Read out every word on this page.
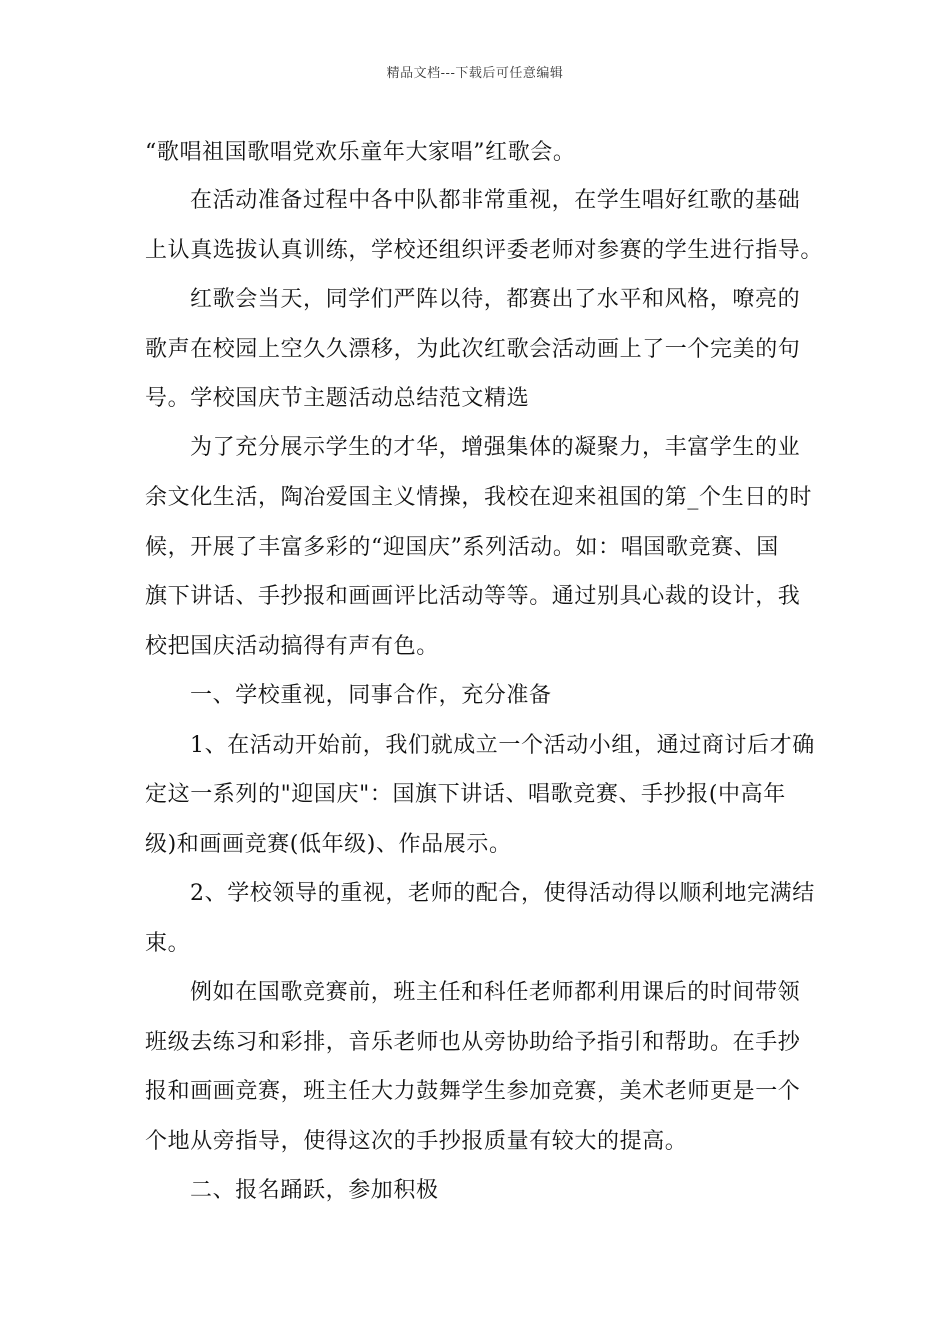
精品文档---下载后可任意编辑
“歌唱祖国歌唱党欢乐童年大家唱”红歌会。
在活动准备过程中各中队都非常重视，在学生唱好红歌的基础
上认真选拔认真训练，学校还组织评委老师对参赛的学生进行指导。
红歌会当天，同学们严阵以待，都赛出了水平和风格，嘹亮的
歌声在校园上空久久漂移，为此次红歌会活动画上了一个完美的句
号。学校国庆节主题活动总结范文精选
为了充分展示学生的才华，增强集体的凝聚力，丰富学生的业
余文化生活，陶冶爱国主义情操，我校在迎来祖国的第_个生日的时
候，开展了丰富多彩的“迎国庆”系列活动。如：唱国歌竞赛、国
旗下讲话、手抄报和画画评比活动等等。通过别具心裁的设计，我
校把国庆活动搞得有声有色。
一、学校重视，同事合作，充分准备
1、在活动开始前，我们就成立一个活动小组，通过商讨后才确
定这一系列的"迎国庆"：国旗下讲话、唱歌竞赛、手抄报(中高年
级)和画画竞赛(低年级)、作品展示。
2、学校领导的重视，老师的配合，使得活动得以顺利地完满结
束。
例如在国歌竞赛前，班主任和科任老师都利用课后的时间带领
班级去练习和彩排，音乐老师也从旁协助给予指引和帮助。在手抄
报和画画竞赛，班主任大力鼓舞学生参加竞赛，美术老师更是一个
个地从旁指导，使得这次的手抄报质量有较大的提高。
二、报名踊跃，参加积极
